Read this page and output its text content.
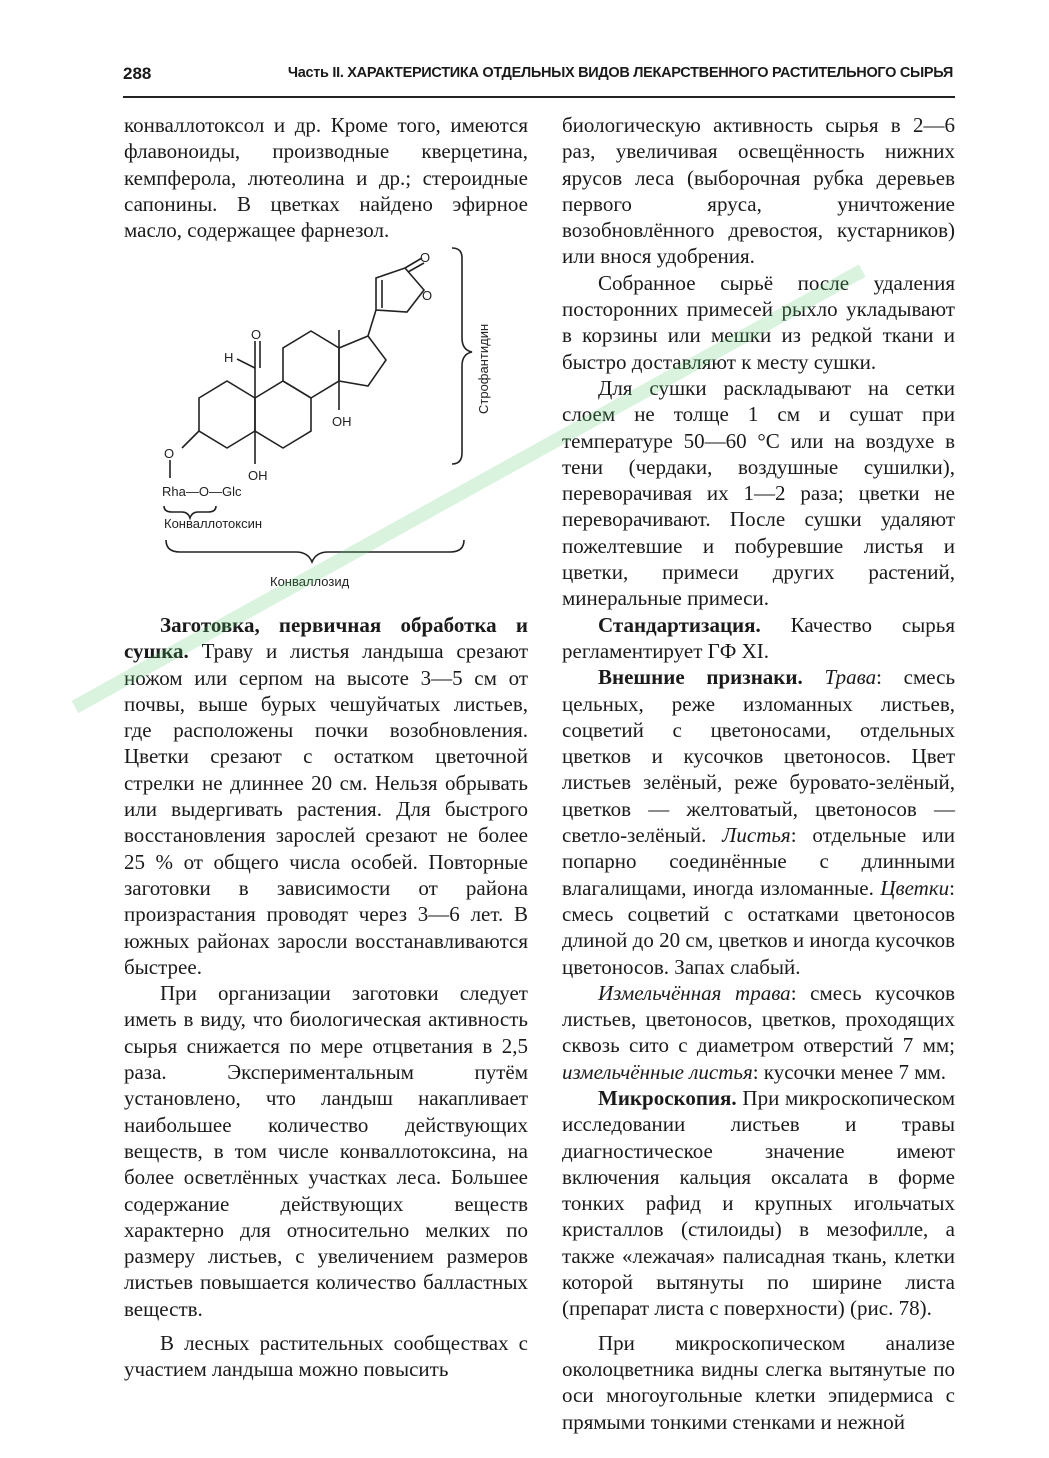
288	Часть II. ХАРАКТЕРИСТИКА ОТДЕЛЬНЫХ ВИДОВ ЛЕКАРСТВЕННОГО РАСТИТЕЛЬНОГО СЫРЬЯ

конваллотоксол и др. Кроме того, имеются флавоноиды, производные кверцетина, кемпферола, лютеолина и др.; стероидные сапонины. В цветках найдено эфирное масло, содержащее фарнезол.

H
O
OH
OH
O
O
O
Rha—O—Glc
Конваллотоксин
Конваллозид
Строфантидин

Заготовка, первичная обработка и сушка. Траву и листья ландыша срезают ножом или серпом на высоте 3—5 см от почвы, выше бурых чешуйчатых листьев, где расположены почки возобновления. Цветки срезают с остатком цветочной стрелки не длиннее 20 см. Нельзя обрывать или выдергивать растения. Для быстрого восстановления зарослей срезают не более 25 % от общего числа особей. Повторные заготовки в зависимости от района произрастания проводят через 3—6 лет. В южных районах заросли восстанавливаются быстрее.

При организации заготовки следует иметь в виду, что биологическая активность сырья снижается по мере отцветания в 2,5 раза. Экспериментальным путём установлено, что ландыш накапливает наибольшее количество действующих веществ, в том числе конваллотоксина, на более осветлённых участках леса. Большее содержание действующих веществ характерно для относительно мелких по размеру листьев, с увеличением размеров листьев повышается количество балластных веществ.

В лесных растительных сообществах с участием ландыша можно повысить

биологическую активность сырья в 2—6 раз, увеличивая освещённость нижних ярусов леса (выборочная рубка деревьев первого яруса, уничтожение возобновлённого древостоя, кустарников) или внося удобрения.

Собранное сырьё после удаления посторонних примесей рыхло укладывают в корзины или мешки из редкой ткани и быстро доставляют к месту сушки.

Для сушки раскладывают на сетки слоем не толще 1 см и сушат при температуре 50—60 °С или на воздухе в тени (чердаки, воздушные сушилки), переворачивая их 1—2 раза; цветки не переворачивают. После сушки удаляют пожелтевшие и побуревшие листья и цветки, примеси других растений, минеральные примеси.

Стандартизация. Качество сырья регламентирует ГФ XI.

Внешние признаки. Трава: смесь цельных, реже изломанных листьев, соцветий с цветоносами, отдельных цветков и кусочков цветоносов. Цвет листьев зелёный, реже буровато-зелёный, цветков — желтоватый, цветоносов — светло-зелёный. Листья: отдельные или попарно соединённые с длинными влагалищами, иногда изломанные. Цветки: смесь соцветий с остатками цветоносов длиной до 20 см, цветков и иногда кусочков цветоносов. Запах слабый.

Измельчённая трава: смесь кусочков листьев, цветоносов, цветков, проходящих сквозь сито с диаметром отверстий 7 мм; измельчённые листья: кусочки менее 7 мм.

Микроскопия. При микроскопическом исследовании листьев и травы диагностическое значение имеют включения кальция оксалата в форме тонких рафид и крупных игольчатых кристаллов (стилоиды) в мезофилле, а также «лежачая» палисадная ткань, клетки которой вытянуты по ширине листа (препарат листа с поверхности) (рис. 78).

При микроскопическом анализе околоцветника видны слегка вытянутые по оси многоугольные клетки эпидермиса с прямыми тонкими стенками и нежной
